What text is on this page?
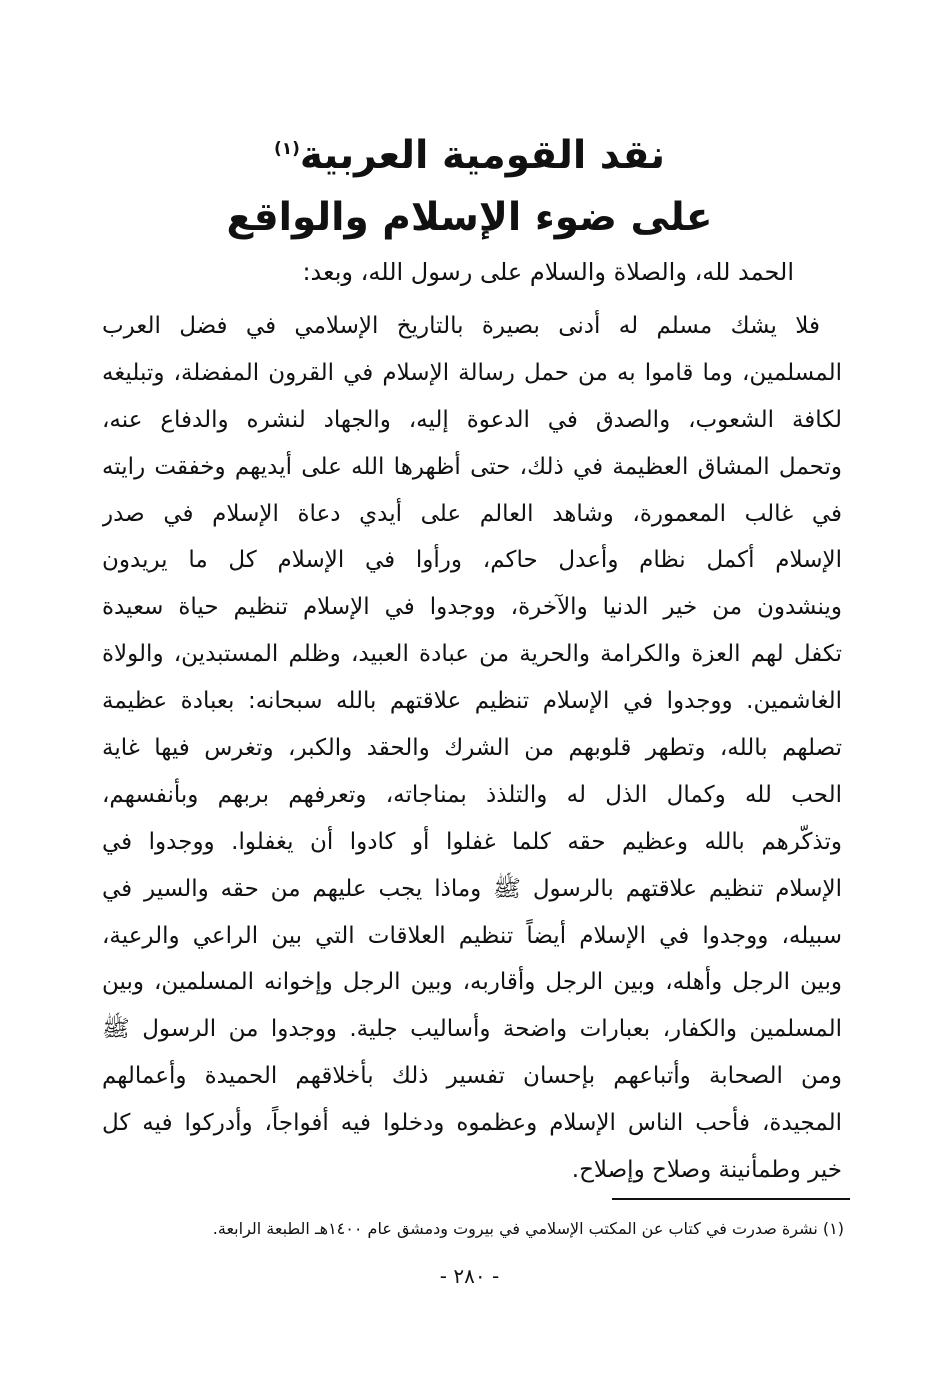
نقد القومية العربية$^{(١)}$
على ضوء الإسلام والواقع
الحمد لله، والصلاة والسلام على رسول الله، وبعد:
فلا يشك مسلم له أدنى بصيرة بالتاريخ الإسلامي في فضل العرب
المسلمين، وما قاموا به من حمل رسالة الإسلام في القرون المفضلة، وتبليغه
لكافة الشعوب، والصدق في الدعوة إليه، والجهاد لنشره والدفاع عنه،
وتحمل المشاق العظيمة في ذلك، حتى أظهرها الله على أيديهم وخفقت رايته
في غالب المعمورة، وشاهد العالم على أيدي دعاة الإسلام في صدر
الإسلام أكمل نظام وأعدل حاكم، ورأوا في الإسلام كل ما يريدون
وينشدون من خير الدنيا والآخرة، ووجدوا في الإسلام تنظيم حياة سعيدة
تكفل لهم العزة والكرامة والحرية من عبادة العبيد، وظلم المستبدين، والولاة
الغاشمين. ووجدوا في الإسلام تنظيم علاقتهم بالله سبحانه: بعبادة عظيمة
تصلهم بالله، وتطهر قلوبهم من الشرك والحقد والكبر، وتغرس فيها غاية
الحب لله وكمال الذل له والتلذذ بمناجاته، وتعرفهم بربهم وبأنفسهم،
وتذكّرهم بالله وعظيم حقه كلما غفلوا أو كادوا أن يغفلوا. ووجدوا في
الإسلام تنظيم علاقتهم بالرسول ﷺ وماذا يجب عليهم من حقه والسير في
سبيله، ووجدوا في الإسلام أيضاً تنظيم العلاقات التي بين الراعي والرعية،
وبين الرجل وأهله، وبين الرجل وأقاربه، وبين الرجل وإخوانه المسلمين، وبين
المسلمين والكفار، بعبارات واضحة وأساليب جلية. ووجدوا من الرسول ﷺ
ومن الصحابة وأتباعهم بإحسان تفسير ذلك بأخلاقهم الحميدة وأعمالهم
المجيدة، فأحب الناس الإسلام وعظموه ودخلوا فيه أفواجاً، وأدركوا فيه كل
خير وطمأنينة وصلاح وإصلاح.
(١) نشرة صدرت في كتاب عن المكتب الإسلامي في بيروت ودمشق عام ١٤٠٠هـ الطبعة الرابعة.
- ٢٨٠ -
